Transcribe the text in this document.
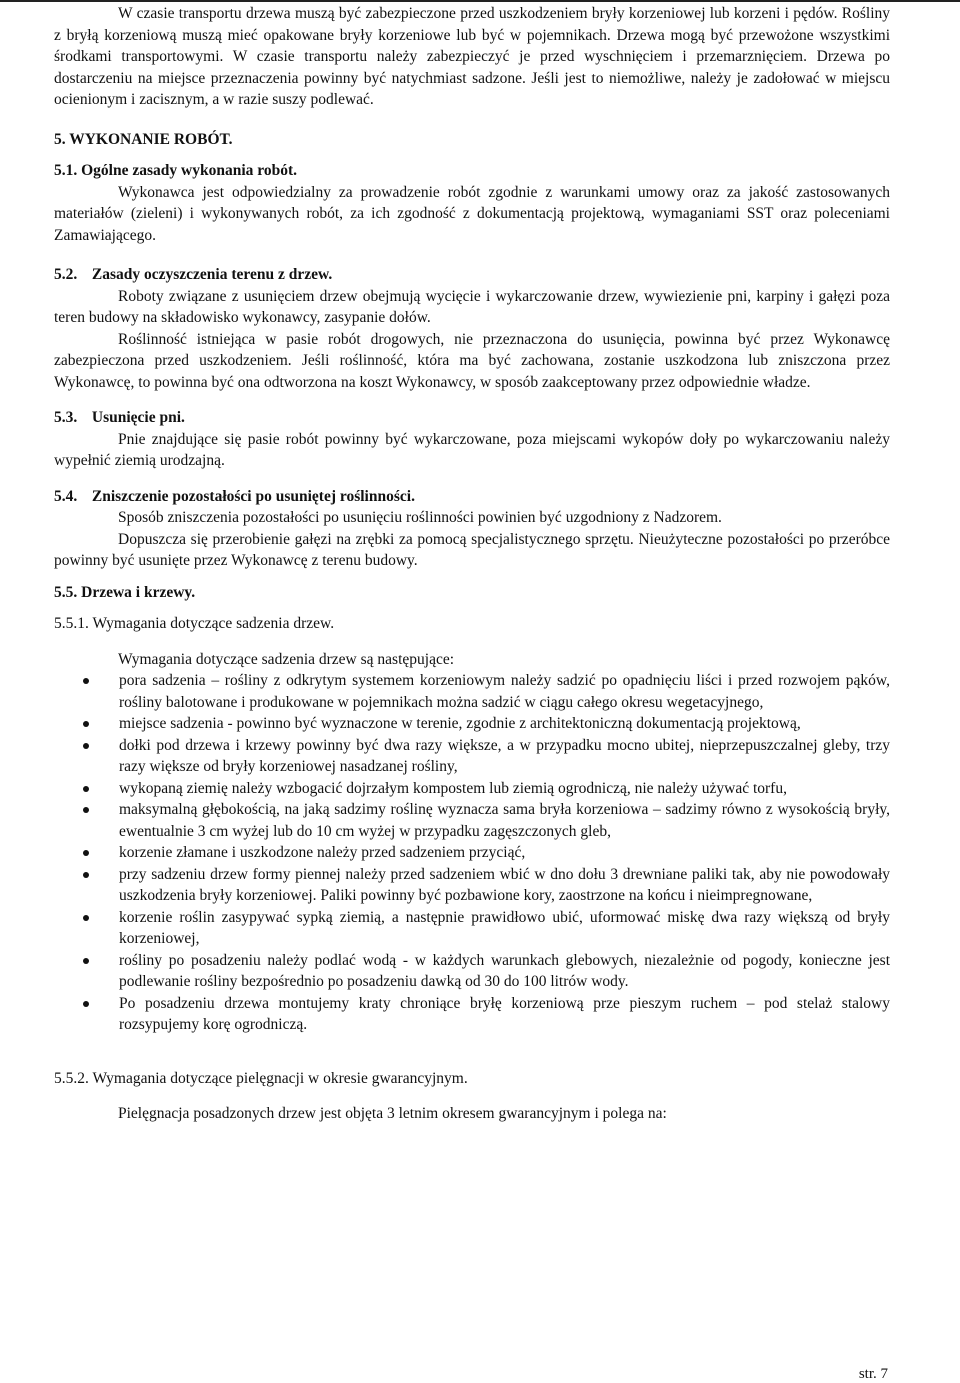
W czasie transportu drzewa muszą być zabezpieczone przed uszkodzeniem bryły korzeniowej lub korzeni i pędów. Rośliny z bryłą korzeniową muszą mieć opakowane bryły korzeniowe lub być w pojemnikach. Drzewa mogą być przewożone wszystkimi środkami transportowymi. W czasie transportu należy zabezpieczyć je przed wyschnięciem i przemarznięciem. Drzewa po dostarczeniu na miejsce przeznaczenia powinny być natychmiast sadzone. Jeśli jest to niemożliwe, należy je zadołować w miejscu ocienionym i zacisznym, a w razie suszy podlewać.

5. WYKONANIE ROBÓT.

5.1. Ogólne zasady wykonania robót.

Wykonawca jest odpowiedzialny za prowadzenie robót zgodnie z warunkami umowy oraz za jakość zastosowanych materiałów (zieleni) i wykonywanych robót, za ich zgodność z dokumentacją projektową, wymaganiami SST oraz poleceniami Zamawiającego.

5.2. Zasady oczyszczenia terenu z drzew.

Roboty związane z usunięciem drzew obejmują wycięcie i wykarczowanie drzew, wywiezienie pni, karpiny i gałęzi poza teren budowy na składowisko wykonawcy, zasypanie dołów.

Roślinność istniejąca w pasie robót drogowych, nie przeznaczona do usunięcia, powinna być przez Wykonawcę zabezpieczona przed uszkodzeniem. Jeśli roślinność, która ma być zachowana, zostanie uszkodzona lub zniszczona przez Wykonawcę, to powinna być ona odtworzona na koszt Wykonawcy, w sposób zaakceptowany przez odpowiednie władze.

5.3. Usunięcie pni.

Pnie znajdujące się pasie robót powinny być wykarczowane, poza miejscami wykopów doły po wykarczowaniu należy wypełnić ziemią urodzajną.

5.4. Zniszczenie pozostałości po usuniętej roślinności.

Sposób zniszczenia pozostałości po usunięciu roślinności powinien być uzgodniony z Nadzorem.

Dopuszcza się przerobienie gałęzi na zrębki za pomocą specjalistycznego sprzętu. Nieużyteczne pozostałości po przeróbce powinny być usunięte przez Wykonawcę z terenu budowy.

5.5. Drzewa i krzewy.

5.5.1. Wymagania dotyczące sadzenia drzew.

Wymagania dotyczące sadzenia drzew są następujące:

pora sadzenia – rośliny z odkrytym systemem korzeniowym należy sadzić po opadnięciu liści i przed rozwojem pąków, rośliny balotowane i produkowane w pojemnikach można sadzić w ciągu całego okresu wegetacyjnego,
miejsce sadzenia - powinno być wyznaczone w terenie, zgodnie z architektoniczną dokumentacją projektową,
dołki pod drzewa i krzewy powinny być dwa razy większe, a w przypadku mocno ubitej, nieprzepuszczalnej gleby, trzy razy większe od bryły korzeniowej nasadzanej rośliny,
wykopaną ziemię należy wzbogacić dojrzałym kompostem lub ziemią ogrodniczą, nie należy używać torfu,
maksymalną głębokością, na jaką sadzimy roślinę wyznacza sama bryła korzeniowa – sadzimy równo z wysokością bryły, ewentualnie 3 cm wyżej lub do 10 cm wyżej w przypadku zagęszczonych gleb,
korzenie złamane i uszkodzone należy przed sadzeniem przyciąć,
przy sadzeniu drzew formy piennej należy przed sadzeniem wbić w dno dołu 3 drewniane paliki tak, aby nie powodowały uszkodzenia bryły korzeniowej. Paliki powinny być pozbawione kory, zaostrzone na końcu i nieimpregnowane,
korzenie roślin zasypywać sypką ziemią, a następnie prawidłowo ubić, uformować miskę dwa razy większą od bryły korzeniowej,
rośliny po posadzeniu należy podlać wodą - w każdych warunkach glebowych, niezależnie od pogody, konieczne jest podlewanie rośliny bezpośrednio po posadzeniu dawką od 30 do 100 litrów wody.
Po posadzeniu drzewa montujemy kraty chroniące bryłę korzeniową prze pieszym ruchem – pod stelaż stalowy rozsypujemy korę ogrodniczą.

5.5.2. Wymagania dotyczące pielęgnacji w okresie gwarancyjnym.

Pielęgnacja posadzonych drzew jest objęta 3 letnim okresem gwarancyjnym i polega na:

str. 7
